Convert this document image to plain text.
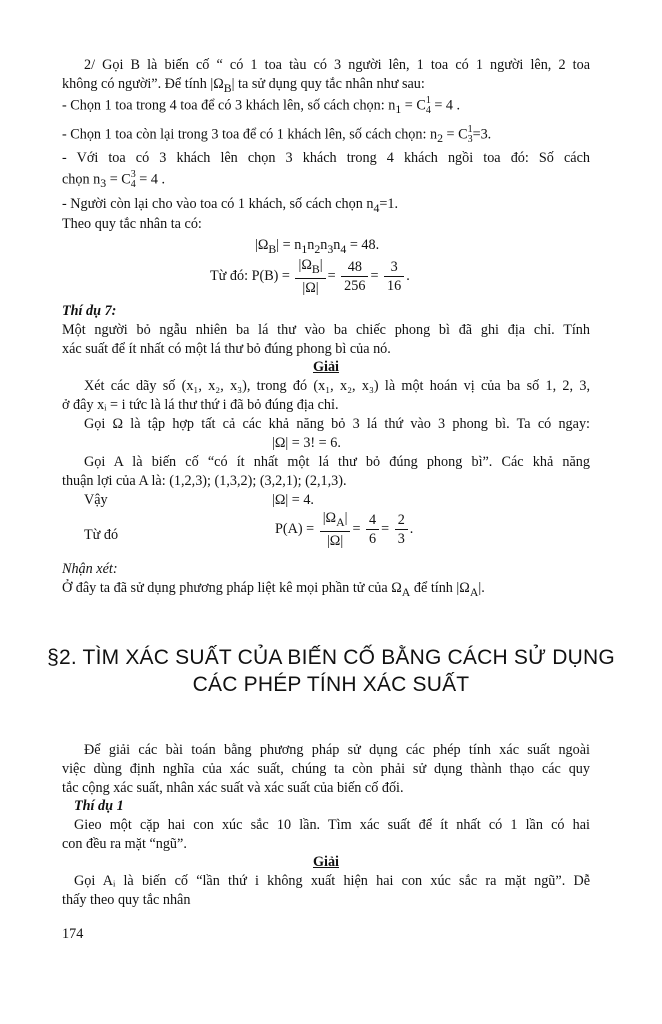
2/ Gọi B là biến cố “ có 1 toa tàu có 3 người lên, 1 toa có 1 người lên, 2 toa
không có người”. Để tính $|\Omega_B|$ ta sử dụng quy tắc nhân như sau:
- Chọn 1 toa trong 4 toa để có 3 khách lên, số cách chọn: $n_1 = C$ 1
4 = 4 .
- Chọn 1 toa còn lại trong 3 toa để có 1 khách lên, số cách chọn: $n_2 = C$ 1
3 =3.
- Với toa có 3 khách lên chọn 3 khách trong 4 khách ngồi toa đó: Số cách
chọn $n_3 = C$ 3
4 = 4 .
- Người còn lại cho vào toa có 1 khách, số cách chọn $n_4=1$.
Theo quy tắc nhân ta có:
$|\Omega_B| = n_1n_2n_3n_4 = 48$.
Từ đó: $P(B) = \frac{|\Omega_B|}{|\Omega|} = \frac{48}{256} = \frac{3}{16}$ .
Thí dụ 7:
Một người bỏ ngẫu nhiên ba lá thư vào ba chiếc phong bì đã ghi địa chỉ. Tính
xác suất để ít nhất có một lá thư bỏ đúng phong bì của nó.
Giải
Xét các dãy số (x₁, x₂, x₃), trong đó (x₁, x₂, x₃) là một hoán vị của ba số 1, 2, 3,
ở đây xᵢ = i tức là lá thư thứ i đã bỏ đúng địa chỉ.
Gọi Ω là tập hợp tất cả các khả năng bỏ 3 lá thứ vào 3 phong bì. Ta có ngay:
|Ω| = 3! = 6.
Gọi A là biến cố “có ít nhất một lá thư bỏ đúng phong bì”. Các khả năng
thuận lợi của A là: (1,2,3); (1,3,2); (3,2,1); (2,1,3).
Vậy	|Ω| = 4.
Từ đó	$P(A) = \frac{|\Omega_A|}{|\Omega|} = \frac{4}{6} = \frac{2}{3}$ .
Nhận xét:
Ở đây ta đã sử dụng phương pháp liệt kê mọi phần tử của $\Omega_A$ để tính $|\Omega_A|$.
§2. TÌM XÁC SUẤT CỦA BIẾN CỐ BẰNG CÁCH SỬ DỤNG
CÁC PHÉP TÍNH XÁC SUẤT
Để giải các bài toán bằng phương pháp sử dụng các phép tính xác suất ngoài
việc dùng định nghĩa của xác suất, chúng ta còn phải sử dụng thành thạo các quy
tắc cộng xác suất, nhân xác suất và xác suất của biến cố đối.
Thí dụ 1
Gieo một cặp hai con xúc sắc 10 lần. Tìm xác suất để ít nhất có 1 lần có hai
con đều ra mặt “ngũ”.
Giải
Gọi Aᵢ là biến cố “lần thứ i không xuất hiện hai con xúc sắc ra mặt ngũ”. Dễ
thấy theo quy tắc nhân
174
